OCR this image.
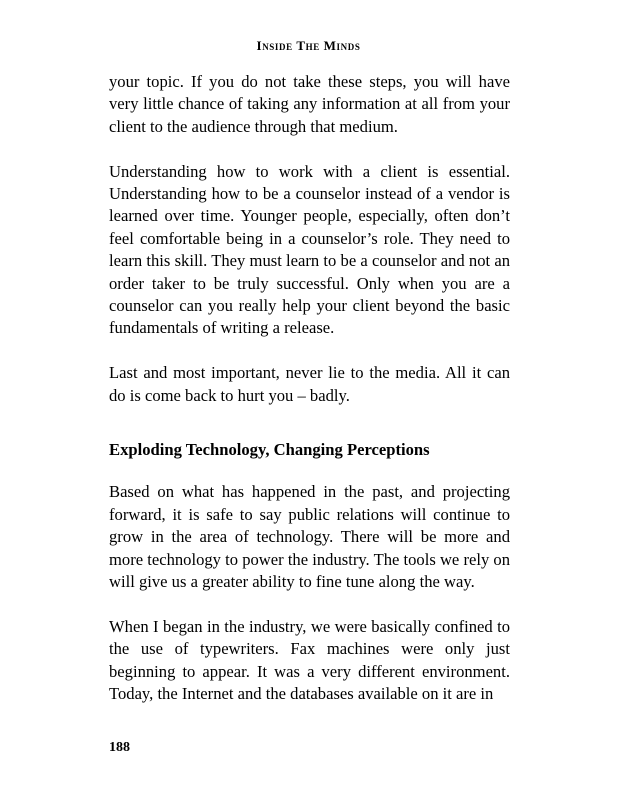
Inside The Minds

your topic. If you do not take these steps, you will have very little chance of taking any information at all from your client to the audience through that medium.

Understanding how to work with a client is essential. Understanding how to be a counselor instead of a vendor is learned over time. Younger people, especially, often don’t feel comfortable being in a counselor’s role. They need to learn this skill. They must learn to be a counselor and not an order taker to be truly successful. Only when you are a counselor can you really help your client beyond the basic fundamentals of writing a release.

Last and most important, never lie to the media. All it can do is come back to hurt you – badly.

Exploding Technology, Changing Perceptions

Based on what has happened in the past, and projecting forward, it is safe to say public relations will continue to grow in the area of technology. There will be more and more technology to power the industry. The tools we rely on will give us a greater ability to fine tune along the way.

When I began in the industry, we were basically confined to the use of typewriters. Fax machines were only just beginning to appear. It was a very different environment. Today, the Internet and the databases available on it are in

188
